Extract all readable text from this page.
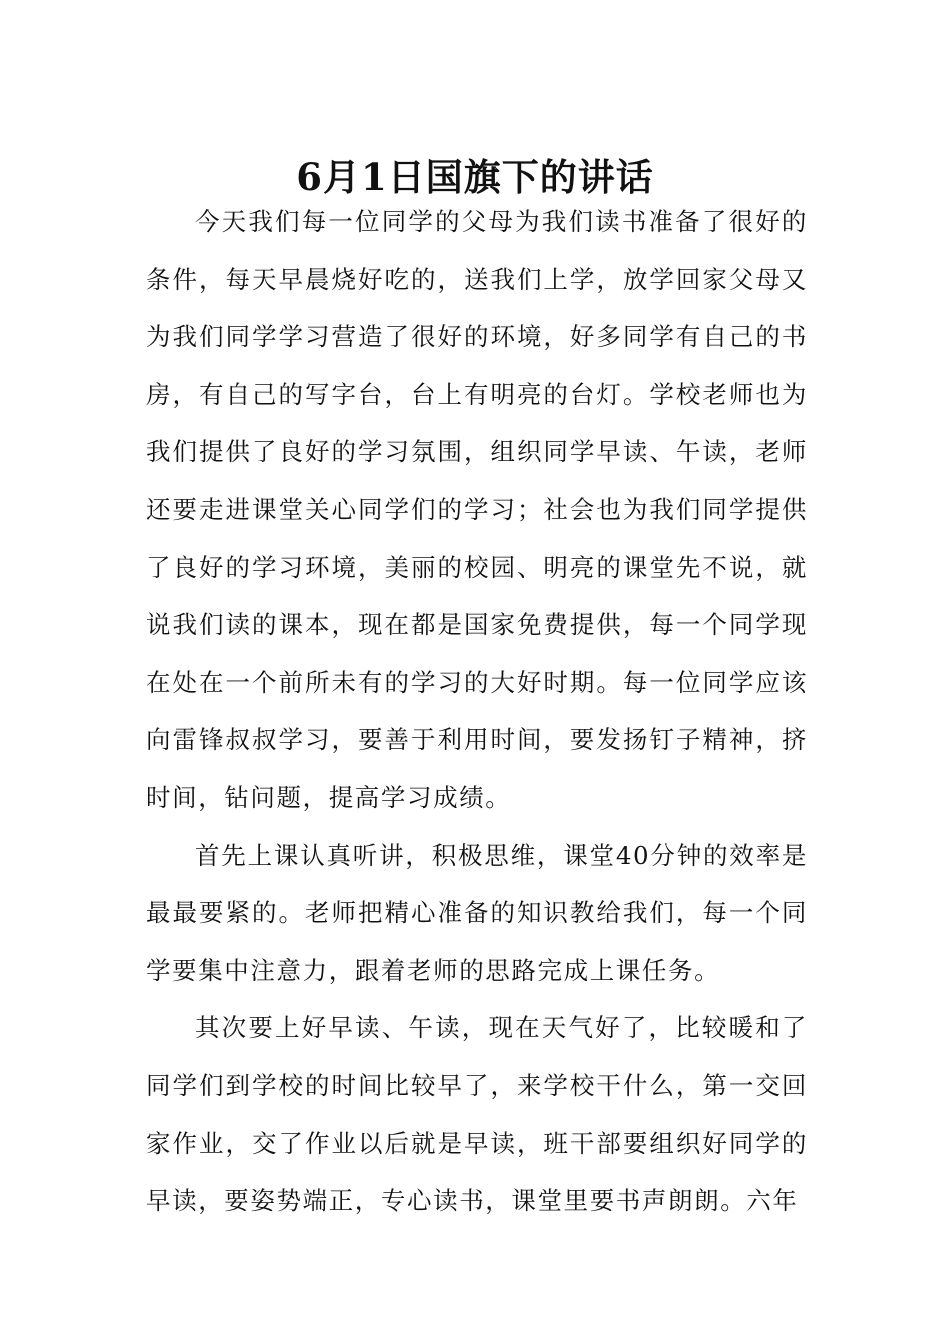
6月1日国旗下的讲话

今天我们每一位同学的父母为我们读书准备了很好的条件，每天早晨烧好吃的，送我们上学，放学回家父母又为我们同学学习营造了很好的环境，好多同学有自己的书房，有自己的写字台，台上有明亮的台灯。学校老师也为我们提供了良好的学习氛围，组织同学早读、午读，老师还要走进课堂关心同学们的学习；社会也为我们同学提供了良好的学习环境，美丽的校园、明亮的课堂先不说，就说我们读的课本，现在都是国家免费提供，每一个同学现在处在一个前所未有的学习的大好时期。每一位同学应该向雷锋叔叔学习，要善于利用时间，要发扬钉子精神，挤时间，钻问题，提高学习成绩。

首先上课认真听讲，积极思维，课堂40分钟的效率是最最要紧的。老师把精心准备的知识教给我们，每一个同学要集中注意力，跟着老师的思路完成上课任务。

其次要上好早读、午读，现在天气好了，比较暖和了同学们到学校的时间比较早了，来学校干什么，第一交回家作业，交了作业以后就是早读，班干部要组织好同学的早读，要姿势端正，专心读书，课堂里要书声朗朗。六年
